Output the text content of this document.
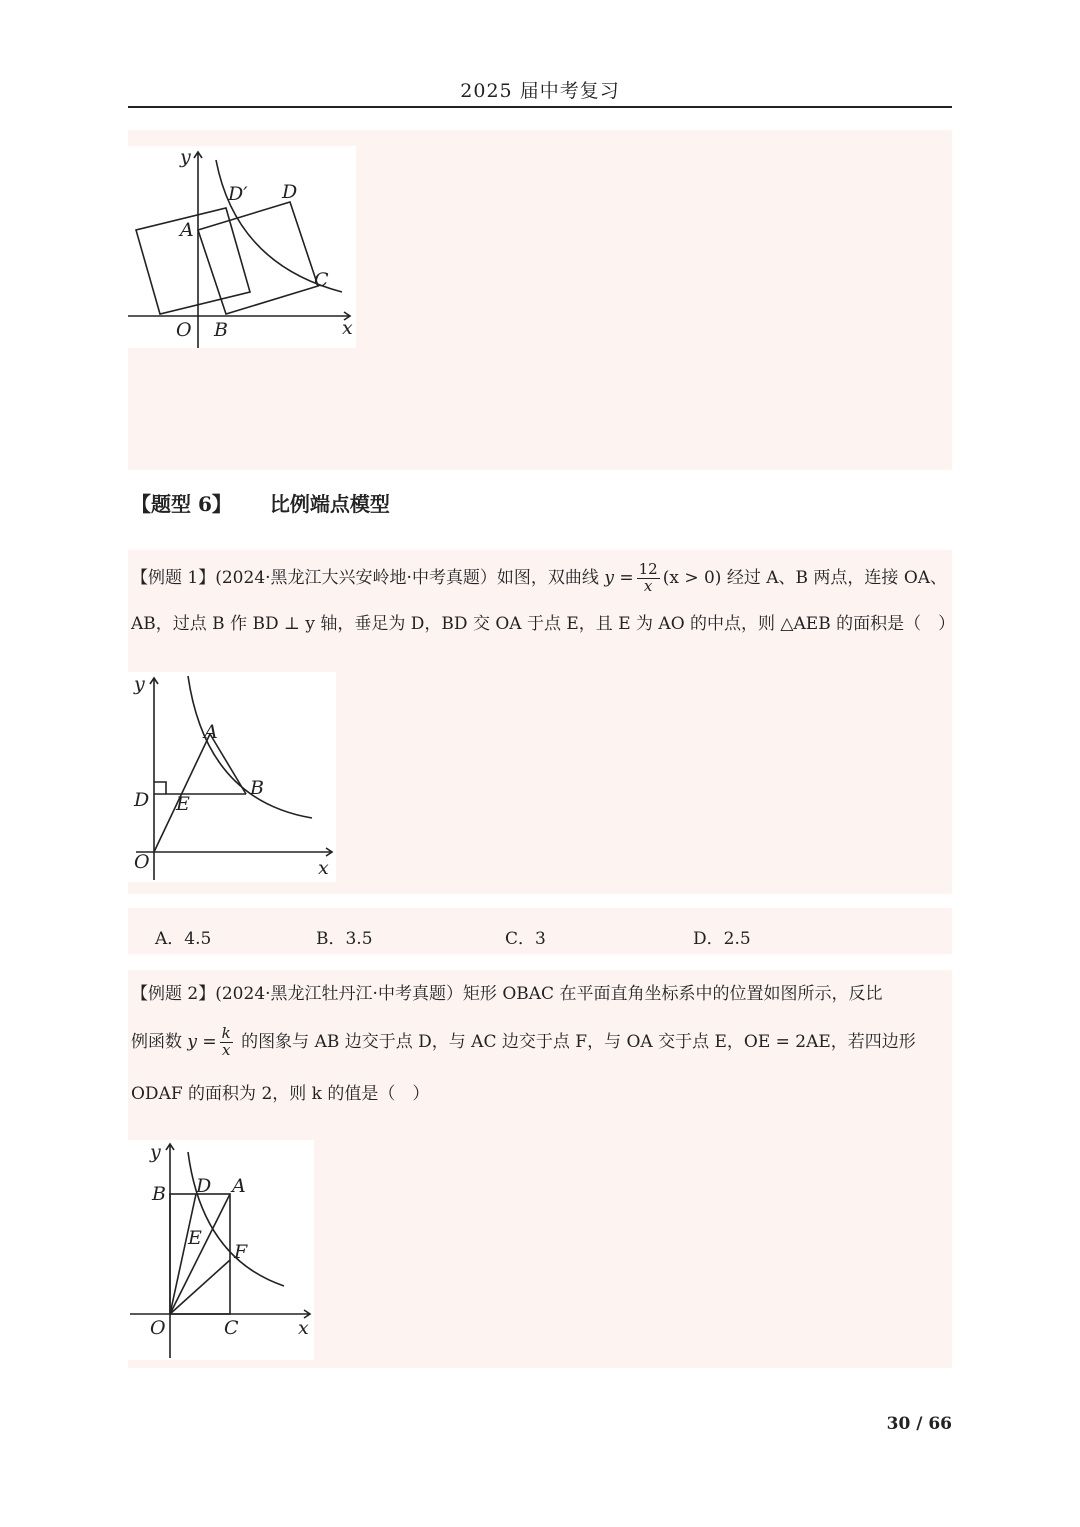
2025 届中考复习
y
D′ D
A
C
O B	x
【题型 6】 比例端点模型
【例题 1】(2024·黑龙江大兴安岭地·中考真题）如图，双曲线 $y = \frac{12}{x} (x > 0)$ 经过 A、B 两点，连接 OA、
AB，过点 B 作 BD ⊥ y 轴，垂足为 D，BD 交 OA 于点 E，且 E 为 AO 的中点，则 △AEB 的面积是（　）
y
A
B
D E
O	x
A．4.5	B．3.5	C．3	D．2.5
【例题 2】(2024·黑龙江牡丹江·中考真题）矩形 OBAC 在平面直角坐标系中的位置如图所示，反比
例函数 $y = \frac{k}{x}$ 的图象与 AB 边交于点 D，与 AC 边交于点 F，与 OA 交于点 E，OE = 2AE，若四边形
ODAF 的面积为 2，则 k 的值是（　）
y
B D A
E
F
O	C	x
30 / 66
